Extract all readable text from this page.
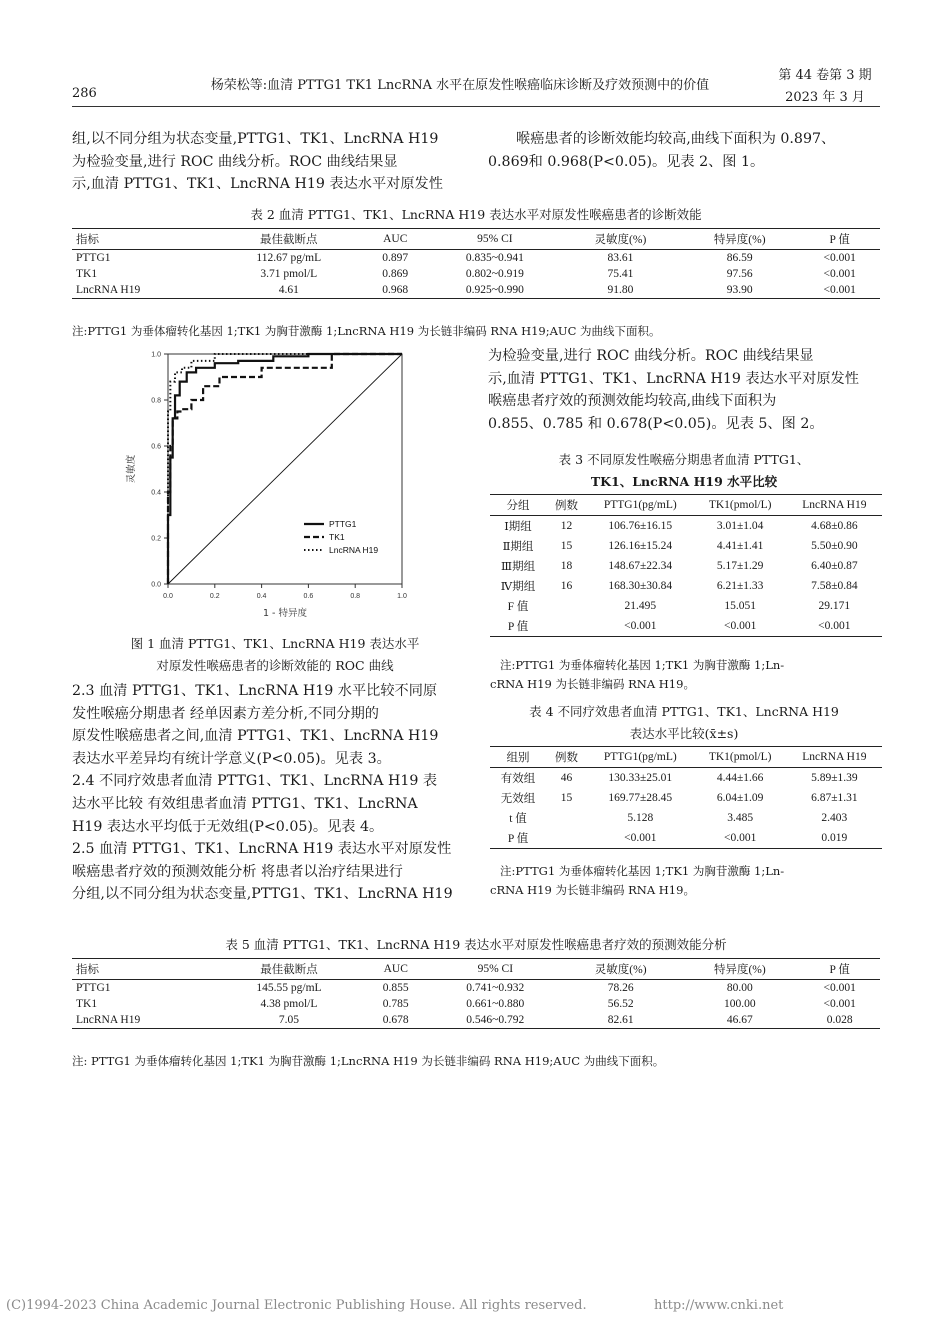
286
杨荣松等:血清 PTTG1 TK1 LncRNA 水平在原发性喉癌临床诊断及疗效预测中的价值
第 44 卷第 3 期
2023 年 3 月
组,以不同分组为状态变量,PTTG1、TK1、LncRNA H19
为检验变量,进行 ROC 曲线分析。ROC 曲线结果显
示,血清 PTTG1、TK1、LncRNA H19 表达水平对原发性
喉癌患者的诊断效能均较高,曲线下面积为 0.897、
0.869和 0.968(P<0.05)。见表 2、图 1。
表 2 血清 PTTG1、TK1、LncRNA H19 表达水平对原发性喉癌患者的诊断效能
指标	最佳截断点	AUC	95% CI	灵敏度(%)	特异度(%)	P 值
PTTG1	112.67 pg/mL	0.897	0.835~0.941	83.61	86.59	<0.001
TK1	3.71 pmol/L	0.869	0.802~0.919	75.41	97.56	<0.001
LncRNA H19	4.61	0.968	0.925~0.990	91.80	93.90	<0.001
注:PTTG1 为垂体瘤转化基因 1;TK1 为胸苷激酶 1;LncRNA H19 为长链非编码 RNA H19;AUC 为曲线下面积。
0.0	0.2	0.4	0.6	0.8	1.0
0.0
0.2
0.4
0.6
0.8
1.0
PTTG1
TK1
LncRNA H19
1 - 特异度
灵敏度
图 1 血清 PTTG1、TK1、LncRNA H19 表达水平
对原发性喉癌患者的诊断效能的 ROC 曲线
为检验变量,进行 ROC 曲线分析。ROC 曲线结果显
示,血清 PTTG1、TK1、LncRNA H19 表达水平对原发性
喉癌患者疗效的预测效能均较高,曲线下面积为
0.855、0.785 和 0.678(P<0.05)。见表 5、图 2。
表 3 不同原发性喉癌分期患者血清 PTTG1、
TK1、LncRNA H19 水平比较
分组	例数	PTTG1(pg/mL)	TK1(pmol/L)	LncRNA H19
Ⅰ期组	12	106.76±16.15	3.01±1.04	4.68±0.86
Ⅱ期组	15	126.16±15.24	4.41±1.41	5.50±0.90
Ⅲ期组	18	148.67±22.34	5.17±1.29	6.40±0.87
Ⅳ期组	16	168.30±30.84	6.21±1.33	7.58±0.84
F 值		21.495	15.051	29.171
P 值		<0.001	<0.001	<0.001
注:PTTG1 为垂体瘤转化基因 1;TK1 为胸苷激酶 1;Ln-
cRNA H19 为长链非编码 RNA H19。
2.3 血清 PTTG1、TK1、LncRNA H19 水平比较不同原
发性喉癌分期患者 经单因素方差分析,不同分期的
原发性喉癌患者之间,血清 PTTG1、TK1、LncRNA H19
表达水平差异均有统计学意义(P<0.05)。见表 3。
2.4 不同疗效患者血清 PTTG1、TK1、LncRNA H19 表
达水平比较 有效组患者血清 PTTG1、TK1、LncRNA
H19 表达水平均低于无效组(P<0.05)。见表 4。
2.5 血清 PTTG1、TK1、LncRNA H19 表达水平对原发性
喉癌患者疗效的预测效能分析 将患者以治疗结果进行
分组,以不同分组为状态变量,PTTG1、TK1、LncRNA H19
表 4 不同疗效患者血清 PTTG1、TK1、LncRNA H19
表达水平比较(x̄±s)
组别	例数	PTTG1(pg/mL)	TK1(pmol/L)	LncRNA H19
有效组	46	130.33±25.01	4.44±1.66	5.89±1.39
无效组	15	169.77±28.45	6.04±1.09	6.87±1.31
t 值		5.128	3.485	2.403
P 值		<0.001	<0.001	0.019
注:PTTG1 为垂体瘤转化基因 1;TK1 为胸苷激酶 1;Ln-
cRNA H19 为长链非编码 RNA H19。
表 5 血清 PTTG1、TK1、LncRNA H19 表达水平对原发性喉癌患者疗效的预测效能分析
指标	最佳截断点	AUC	95% CI	灵敏度(%)	特异度(%)	P 值
PTTG1	145.55 pg/mL	0.855	0.741~0.932	78.26	80.00	<0.001
TK1	4.38 pmol/L	0.785	0.661~0.880	56.52	100.00	<0.001
LncRNA H19	7.05	0.678	0.546~0.792	82.61	46.67	0.028
注: PTTG1 为垂体瘤转化基因 1;TK1 为胸苷激酶 1;LncRNA H19 为长链非编码 RNA H19;AUC 为曲线下面积。
(C)1994-2023 China Academic Journal Electronic Publishing House. All rights reserved.	http://www.cnki.net
